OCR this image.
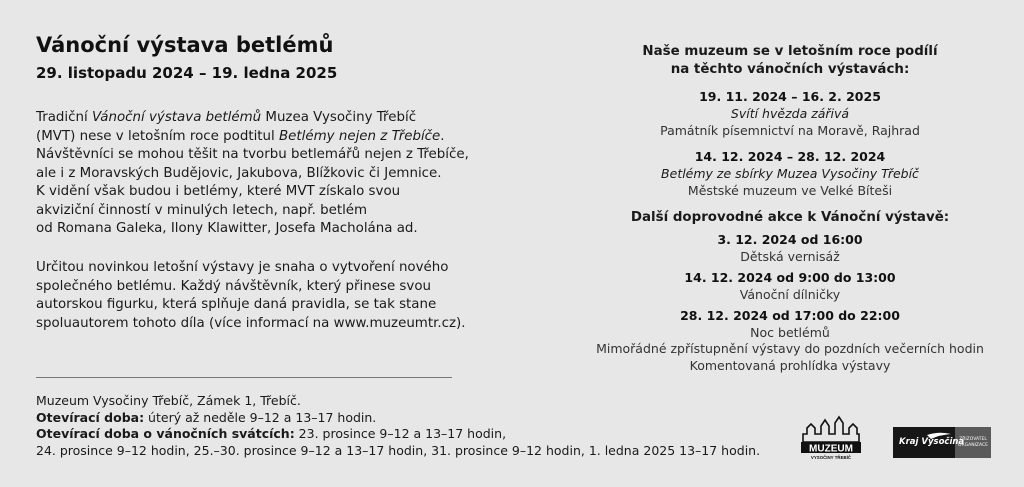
Vánoční výstava betlémů
29. listopadu 2024 – 19. ledna 2025
Tradiční Vánoční výstava betlémů Muzea Vysočiny Třebíč
(MVT) nese v letošním roce podtitul Betlémy nejen z Třebíče.
Návštěvníci se mohou těšit na tvorbu betlemářů nejen z Třebíče,
ale i z Moravských Budějovic, Jakubova, Blížkovic či Jemnice.
K vidění však budou i betlémy, které MVT získalo svou
akviziční činností v minulých letech, např. betlém
od Romana Galeka, Ilony Klawitter, Josefa Macholána ad.
Určitou novinkou letošní výstavy je snaha o vytvoření nového
společného betlému. Každý návštěvník, který přinese svou
autorskou figurku, která splňuje daná pravidla, se tak stane
spoluautorem tohoto díla (více informací na www.muzeumtr.cz).
Muzeum Vysočiny Třebíč, Zámek 1, Třebíč.
Otevírací doba: úterý až neděle 9–12 a 13–17 hodin.
Otevírací doba o vánočních svátcích: 23. prosince 9–12 a 13–17 hodin,
24. prosince 9–12 hodin, 25.–30. prosince 9–12 a 13–17 hodin, 31. prosince 9–12 hodin, 1. ledna 2025 13–17 hodin.
Naše muzeum se v letošním roce podílí
na těchto vánočních výstavách:
19. 11. 2024 – 16. 2. 2025
Svítí hvězda zářivá
Památník písemnictví na Moravě, Rajhrad
14. 12. 2024 – 28. 12. 2024
Betlémy ze sbírky Muzea Vysočiny Třebíč
Městské muzeum ve Velké Bíteši
Další doprovodné akce k Vánoční výstavě:
3. 12. 2024 od 16:00
Dětská vernisáž
14. 12. 2024 od 9:00 do 13:00
Vánoční dílničky
28. 12. 2024 od 17:00 do 22:00
Noc betlémů
Mimořádné zpřístupnění výstavy do pozdních večerních hodin
Komentovaná prohlídka výstavy
MUZEUM
VYSOČINY TŘEBÍČ
Kraj Vysočina
ZŘIZOVATEL ORGANIZACE
